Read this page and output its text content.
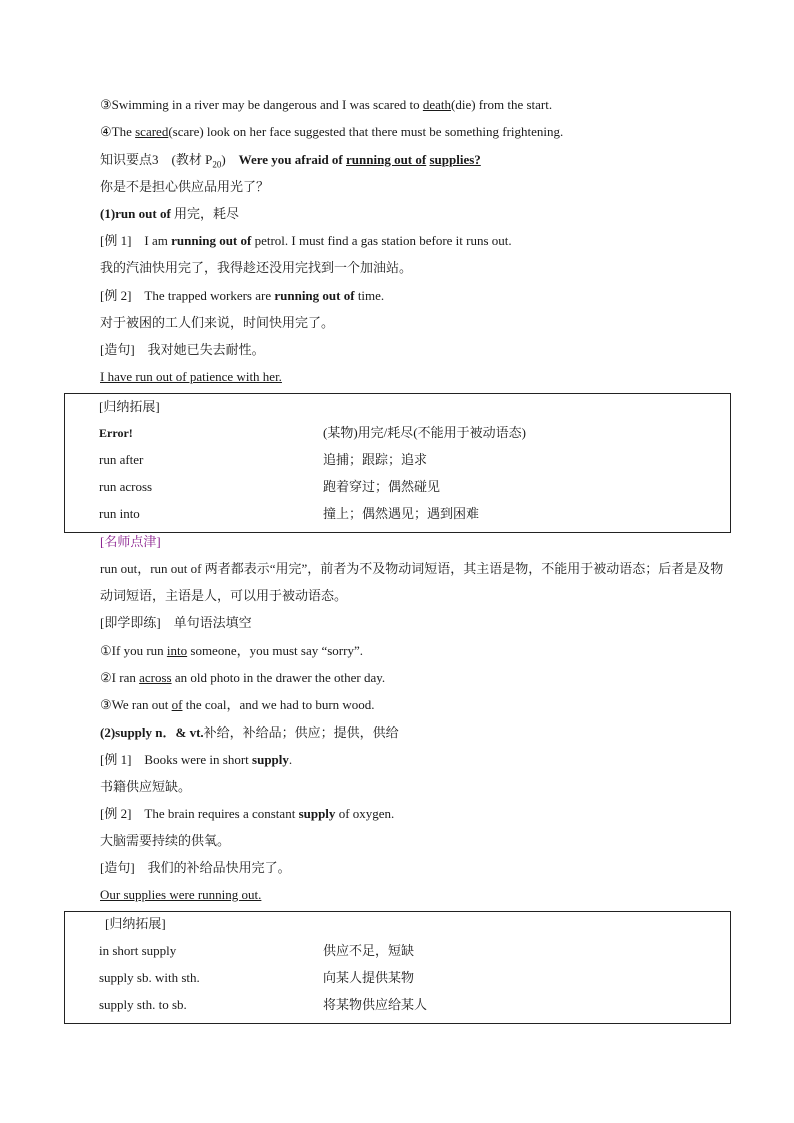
③Swimming in a river may be dangerous and I was scared to death(die) from the start.
④The scared(scare) look on her face suggested that there must be something frightening.
知识要点3　(教材 $P_{20}$)　Were you afraid of running out of supplies?
你是不是担心供应品用光了？
(1)run out of 用完，耗尽
[例 1] I am running out of petrol. I must find a gas station before it runs out.
我的汽油快用完了，我得趁还没用完找到一个加油站。
[例 2] The trapped workers are running out of time.
对于被困的工人们来说，时间快用完了。
[造句] 我对她已失去耐性。
I have run out of patience with her.
[归纳拓展]
Error!	(某物)用完/耗尽(不能用于被动语态)
run after	追捕；跟踪；追求
run across	跑着穿过；偶然碰见
run into	撞上；偶然遇见；遇到困难
[名师点津]
run out，run out of 两者都表示“用完”，前者为不及物动词短语，其主语是物，不能用于被动语态；后者是及物动词短语，主语是人，可以用于被动语态。
[即学即练] 单句语法填空
①If you run into someone，you must say “sorry”.
②I ran across an old photo in the drawer the other day.
③We ran out of the coal，and we had to burn wood.
(2)supply n．& vt.补给，补给品；供应；提供，供给
[例 1] Books were in short supply.
书籍供应短缺。
[例 2] The brain requires a constant supply of oxygen.
大脑需要持续的供氧。
[造句] 我们的补给品快用完了。
Our supplies were running out.
[归纳拓展]
in short supply	供应不足，短缺
supply sb. with sth.	向某人提供某物
supply sth. to sb.	将某物供应给某人
